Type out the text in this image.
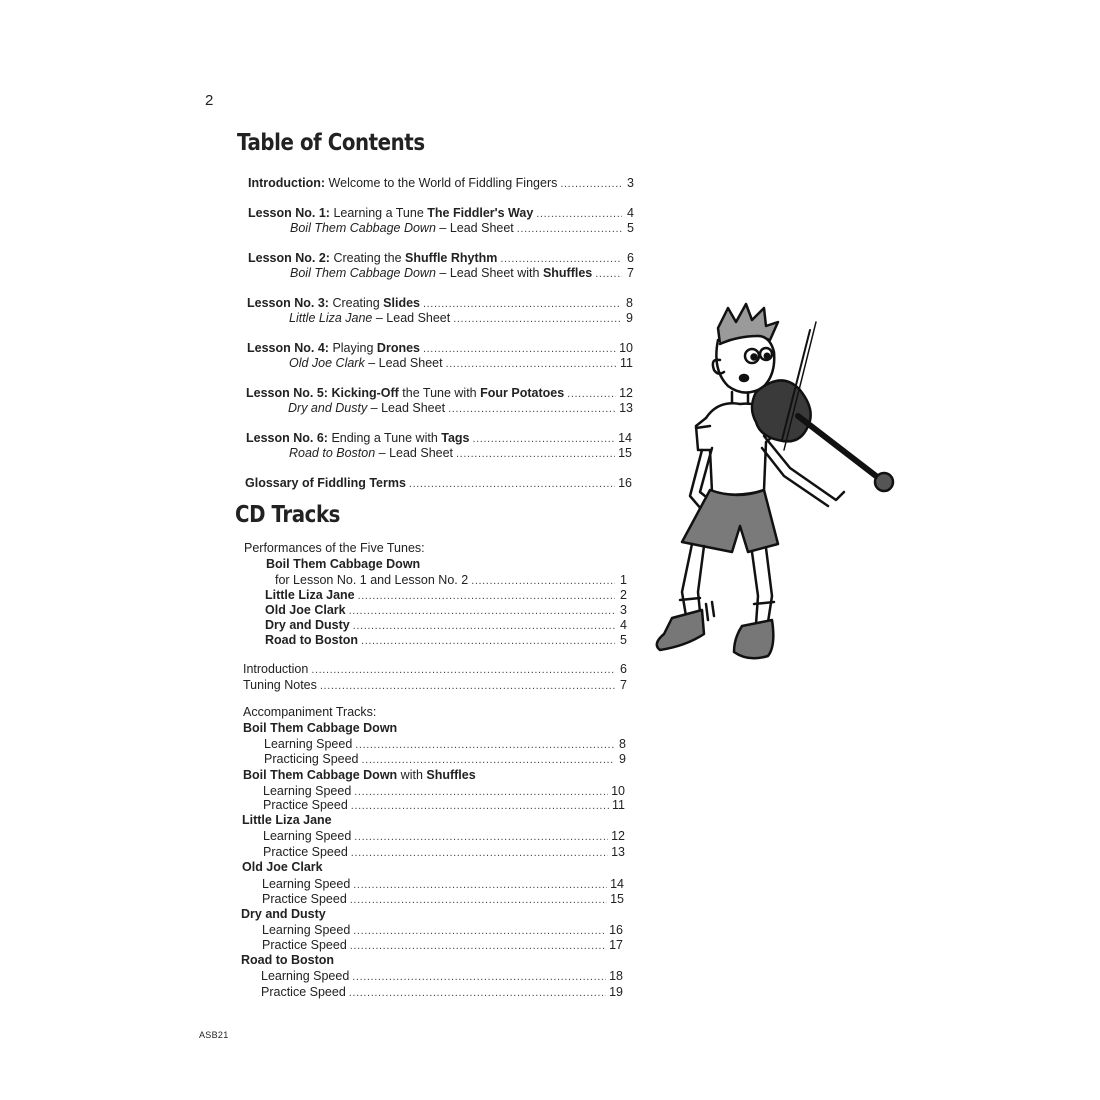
2
ASB21
Table of Contents
Introduction: Welcome to the World of Fiddling Fingers .....	3
Lesson No. 1: Learning a Tune The Fiddler's Way .....	4
Boil Them Cabbage Down – Lead Sheet .....	5
Lesson No. 2: Creating the Shuffle Rhythm .....	6
Boil Them Cabbage Down – Lead Sheet with Shuffles .....	7
Lesson No. 3: Creating Slides .....	8
Little Liza Jane – Lead Sheet .....	9
Lesson No. 4: Playing Drones .....	10
Old Joe Clark – Lead Sheet .....	11
Lesson No. 5: Kicking-Off the Tune with Four Potatoes .....	12
Dry and Dusty – Lead Sheet .....	13
Lesson No. 6: Ending a Tune with Tags .....	14
Road to Boston – Lead Sheet .....	15
Glossary of Fiddling Terms .....	16
CD Tracks
Performances of the Five Tunes:
Boil Them Cabbage Down
for Lesson No. 1 and Lesson No. 2 .....	1
Little Liza Jane .....	2
Old Joe Clark .....	3
Dry and Dusty .....	4
Road to Boston .....	5
Introduction .....	6
Tuning Notes .....	7
Accompaniment Tracks:
Boil Them Cabbage Down
Learning Speed .....	8
Practicing Speed .....	9
Boil Them Cabbage Down with Shuffles
Learning Speed .....	10
Practice Speed .....	11
Little Liza Jane
Learning Speed .....	12
Practice Speed .....	13
Old Joe Clark
Learning Speed .....	14
Practice Speed .....	15
Dry and Dusty
Learning Speed .....	16
Practice Speed .....	17
Road to Boston
Learning Speed .....	18
Practice Speed .....	19
